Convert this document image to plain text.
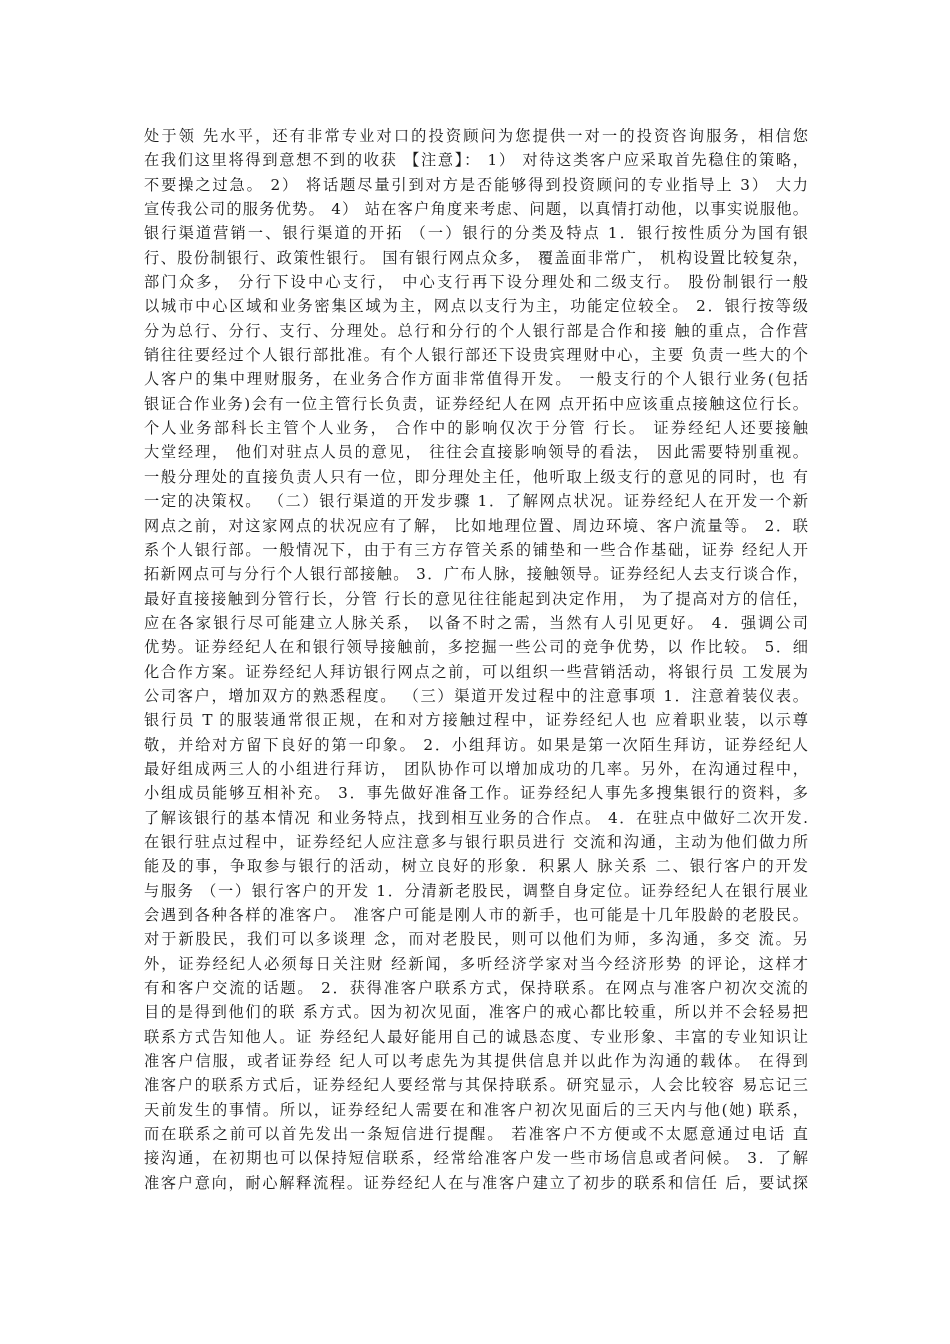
处于领 先水平，还有非常专业对口的投资顾问为您提供一对一的投资咨询服务，相信您
在我们这里将得到意想不到的收获 【注意】： 1） 对待这类客户应采取首先稳住的策略，
不要操之过急。 2） 将话题尽量引到对方是否能够得到投资顾问的专业指导上 3） 大力
宣传我公司的服务优势。 4） 站在客户角度来考虑、问题，以真情打动他，以事实说服他。
银行渠道营销一、银行渠道的开拓 （一）银行的分类及特点 1．银行按性质分为国有银
行、股份制银行、政策性银行。 国有银行网点众多， 覆盖面非常广， 机构设置比较复杂，
部门众多， 分行下设中心支行， 中心支行再下设分理处和二级支行。 股份制银行一般
以城市中心区域和业务密集区域为主，网点以支行为主，功能定位较全。 2．银行按等级
分为总行、分行、支行、分理处。总行和分行的个人银行部是合作和接 触的重点，合作营
销往往要经过个人银行部批准。有个人银行部还下设贵宾理财中心，主要 负责一些大的个
人客户的集中理财服务，在业务合作方面非常值得开发。 一般支行的个人银行业务(包括
银证合作业务)会有一位主管行长负责，证券经纪人在网 点开拓中应该重点接触这位行长。
个人业务部科长主管个人业务， 合作中的影响仅次于分管 行长。 证券经纪人还要接触
大堂经理， 他们对驻点人员的意见， 往往会直接影响领导的看法， 因此需要特别重视。
一般分理处的直接负责人只有一位，即分理处主任，他听取上级支行的意见的同时，也 有
一定的决策权。 （二）银行渠道的开发步骤 1．了解网点状况。证券经纪人在开发一个新
网点之前，对这家网点的状况应有了解， 比如地理位置、周边环境、客户流量等。 2．联
系个人银行部。一般情况下，由于有三方存管关系的铺垫和一些合作基础，证券 经纪人开
拓新网点可与分行个人银行部接触。 3．广布人脉，接触领导。证券经纪人去支行谈合作，
最好直接接触到分管行长，分管 行长的意见往往能起到决定作用， 为了提高对方的信任，
应在各家银行尽可能建立人脉关系， 以备不时之需，当然有人引见更好。 4．强调公司
优势。证券经纪人在和银行领导接触前，多挖掘一些公司的竞争优势，以 作比较。 5．细
化合作方案。证券经纪人拜访银行网点之前，可以组织一些营销活动，将银行员 工发展为
公司客户，增加双方的熟悉程度。 （三）渠道开发过程中的注意事项 1．注意着装仪表。
银行员 T 的服装通常很正规，在和对方接触过程中，证券经纪人也 应着职业装，以示尊
敬，并给对方留下良好的第一印象。 2．小组拜访。如果是第一次陌生拜访，证券经纪人
最好组成两三人的小组进行拜访， 团队协作可以增加成功的几率。另外，在沟通过程中，
小组成员能够互相补充。 3．事先做好准备工作。证券经纪人事先多搜集银行的资料，多
了解该银行的基本情况 和业务特点，找到相互业务的合作点。 4．在驻点中做好二次开发.
在银行驻点过程中，证券经纪人应注意多与银行职员进行 交流和沟通，主动为他们做力所
能及的事，争取参与银行的活动，树立良好的形象．积累人 脉关系 二、银行客户的开发
与服务 （一）银行客户的开发 1．分清新老股民，调整自身定位。证券经纪人在银行展业
会遇到各种各样的准客户。 准客户可能是刚人市的新手，也可能是十几年股龄的老股民。
对于新股民，我们可以多谈理 念，而对老股民，则可以他们为师，多沟通，多交 流。另
外，证券经纪人必须每日关注财 经新闻，多听经济学家对当今经济形势 的评论，这样才
有和客户交流的话题。 2．获得准客户联系方式，保持联系。在网点与准客户初次交流的
目的是得到他们的联 系方式。因为初次见面，准客户的戒心都比较重，所以并不会轻易把
联系方式告知他人。证 券经纪人最好能用自己的诚恳态度、专业形象、丰富的专业知识让
准客户信服，或者证券经 纪人可以考虑先为其提供信息并以此作为沟通的载体。 在得到
准客户的联系方式后，证券经纪人要经常与其保持联系。研究显示，人会比较容 易忘记三
天前发生的事情。所以，证券经纪人需要在和准客户初次见面后的三天内与他(她) 联系，
而在联系之前可以首先发出一条短信进行提醒。 若准客户不方便或不太愿意通过电话 直
接沟通，在初期也可以保持短信联系，经常给准客户发一些市场信息或者问候。 3．了解
准客户意向，耐心解释流程。证券经纪人在与准客户建立了初步的联系和信任 后，要试探
